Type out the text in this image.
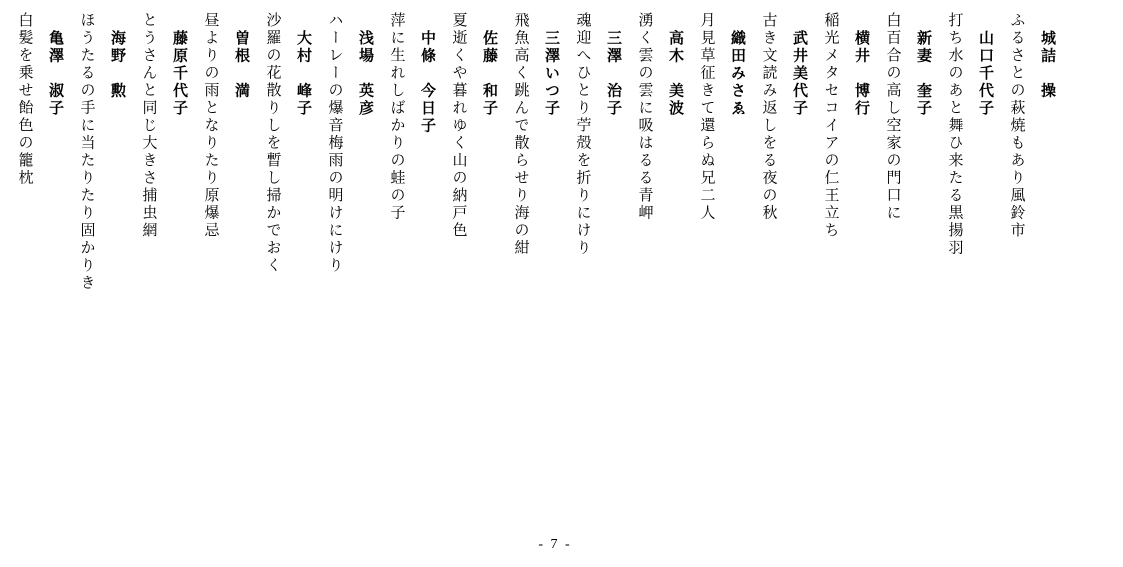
城詰　操
ふるさとの萩焼もあり風鈴市
山口千代子
打ち水のあと舞ひ来たる黒揚羽
新妻　奎子
白百合の高し空家の門口に
横井　博行
稲光メタセコイアの仁王立ち
武井美代子
古き文読み返しをる夜の秋
織田みさゑ
月見草征きて還らぬ兄二人
高木　美波
湧く雲の雲に吸はるる青岬
三澤　治子
魂迎へひとり苧殻を折りにけり
三澤いつ子
飛魚高く跳んで散らせり海の紺
佐藤　和子
夏逝くや暮れゆく山の納戸色
中條　今日子
萍に生れしばかりの蛙の子
浅場　英彦
ハーレーの爆音梅雨の明けにけり
大村　峰子
沙羅の花散りしを暫し掃かでおく
曽根　満
昼よりの雨となりたり原爆忌
藤原千代子
とうさんと同じ大きさ捕虫網
海野　勲
ほうたるの手に当たりたり固かりき
亀澤　淑子
白髪を乗せ飴色の籠枕
- 7 -
